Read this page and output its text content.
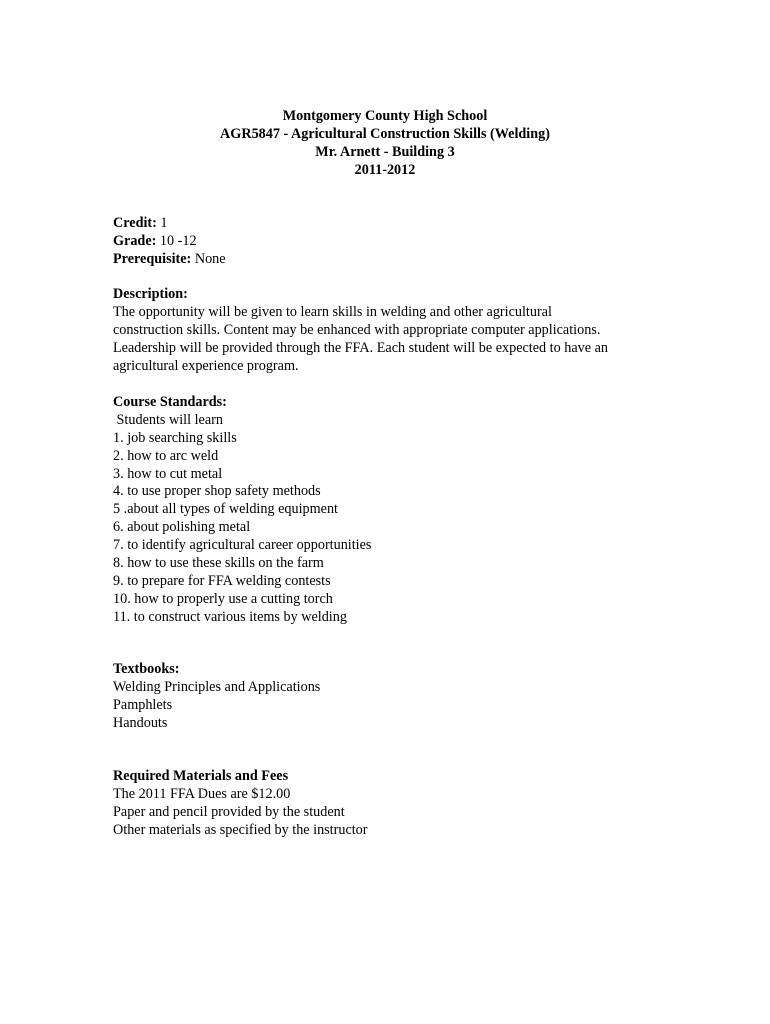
Montgomery County High School
AGR5847 - Agricultural Construction Skills (Welding)
Mr. Arnett - Building 3
2011-2012
Credit: 1
Grade: 10 -12
Prerequisite: None
Description:
The opportunity will be given to learn skills in welding and other agricultural
construction skills. Content may be enhanced with appropriate computer applications.
Leadership will be provided through the FFA. Each student will be expected to have an
agricultural experience program.
Course Standards:
Students will learn
1. job searching skills
2. how to arc weld
3. how to cut metal
4. to use proper shop safety methods
5 .about all types of welding equipment
6. about polishing metal
7. to identify agricultural career opportunities
8. how to use these skills on the farm
9. to prepare for FFA welding contests
10. how to properly use a cutting torch
11. to construct various items by welding
Textbooks:
Welding Principles and Applications
Pamphlets
Handouts
Required Materials and Fees
The 2011 FFA Dues are $12.00
Paper and pencil provided by the student
Other materials as specified by the instructor
